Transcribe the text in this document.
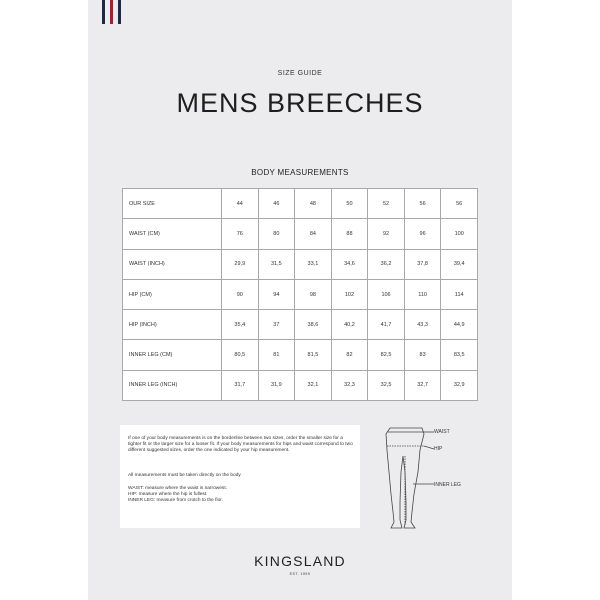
SIZE GUIDE
MENS BREECHES
BODY MEASUREMENTS
OUR SIZE	44	46	48	50	52	56	56
WAIST (CM)	76	80	84	88	92	96	100
WAIST (INCH)	29,9	31,5	33,1	34,6	36,2	37,8	39,4
HIP (CM)	90	94	98	102	106	110	114
HIP (INCH)	35,4	37	38,6	40,2	41,7	43,3	44,9
INNER LEG (CM)	80,5	81	81,5	82	82,5	83	83,5
INNER LEG (INCH)	31,7	31,9	32,1	32,3	32,5	32,7	32,9

If one of your body measurements is on the borderline between two sizes, order the smaller size for a tighter fit or the larger size for a looser fit. If your body measurements for hips and waist correspond to two different suggested sizes, order the one indicated by your hip measurement.

All measurements must be taken directly on the body

WAIST: measure where the waist is narrowest.

HIP: measure where the hip is fullest.

INNER LEG: measure from crotch to the flor.

WAIST
HIP
INNER LEG
KINGSLAND
EST. 1999
